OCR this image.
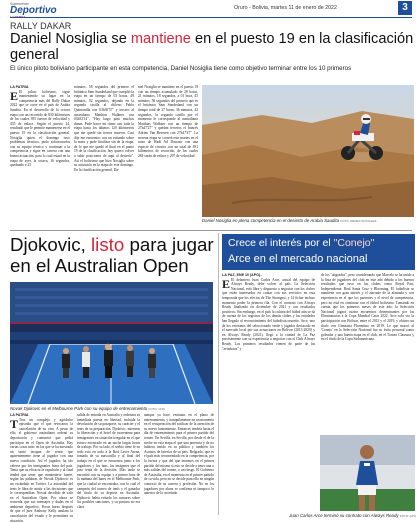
Suplemento
Deportivo	Oruro - Bolivia, martes 11 de enero de 2022	3
RALLY DAKAR
Daniel Nosiglia se mantiene en el puesto 19 en la clasificación general
El único piloto boliviano participante en esta competencia, Daniel Nosiglia tiene como objetivo terminar entre los 10 primeros
LA PATRIA

E El piloto boliviano, sigue manteniendo su lugar en la competencia más del Rally Dakar 2022 que se corre en el país de Arabia Saudita. En el desarrollo de la octava etapa con un recorrido de 830 kilómetros de los cuales 395 fueron de velocidad y 435 de enlace. Según el puesto 24, resultado que le permite mantenerse en el puesto 19 en la clasificación general. Nosiglia quien el domingo tuvo problemas técnicos, pudo solucionarlos con su equipo técnico y continuar a la competencia y sigue en carrera con una buena actuación, para lo cual estará en la etapa de ayer, la octava, 16 segundos, quedando a 23

minutos, 58 segundos del primero el británico Sam Sunderland que cumplió la etapa en un tiempo de 03 horas, 49 minutos, 02 segundos, dejando en la segunda casilla al chileno Pablo Quintanilla con 03h50'57" y tercero al australiano Matthias Walkner con 03h52'14". "Hay largo para muchos dunas. Pude hacer mi ritmo casi toda la etapa hasta los últimos 120 kilómetros que me quedé sin frenos traseros. Casi dije me encuentro con un estiando sobre la moto y pude finalizar sin de la etapa, de lo que me quedó al final en el punto 19 de la clasificación, hoy quiero volver a subir posiciones de aquí al desierto". Así el boliviano que hizo Nosiglia sobre su actuación en la etapa de este domingo. En la clasificación general, Da-

niel Nosiglia se mantiene en el puesto 19 con un tiempo acumulado de 28 horas, 21 minutos, 18 segundos, a 01 hora, 45 minutos, 58 segundos del primero que es el británico Sam Sunderland con un tiempo total de 27 horas, 36 minutos, 42 segundos, la segunda casilla por el momento le corresponde al australiano Matthias Walkner con un tiempo de 27h47'27" y quedan terceros el francés Adrien Van Beveren con 27h47'47". La novena etapa se correrá este martes en el trazo de Wadi Ad Dawasir con una especie de circuito con un total de 491 kilómetros de recorrido, de los cuales 284 serán de enlace y 207 de velocidad.

Daniel Nosiglia en plena competencia en el desierto de Arabia Saudita FOTO: REDES SOCIALES
Djokovic, listo para jugar en el Australian Open
Novak Djokovic en el Melbourne Park con su equipo de entrenamiento FOTO: CNN
LA PATRIA

T Tras un complejo y agridulce episodio que el que revocaron la cancelación de su visa. A pesar de ello, el gobierno australiano ordenó su deportación y comunicó que podrá participar en el Open de Australia. Hay varias cosas más: en las que se ha mostrado un tanto incapaz de sentir que aparentemente tiene al jugador con una nueva condición. Así el jugador, ha ido valerse por los inmigrantes fuera del país. Tenía que su eficacia la expulsión y al final tendrá que tener que mantenerse fuerte, según las palabras de Novak Djokovic es un escándalo en Twitter. La autoridad del tenis le libra de asistir a las decisiones que le correspondían. Novak decidido de salir en el Australian Open. Por ahora se recuerda que sus mensajes y dudas en el ambiente deportivo. Pocas horas después de que el juez Anthony Kelly anulara la cancelación del visado y le permitiera su situación.

salida de entrada en Australia y ordenara su inmediata puesta en libertad, incluida la devolución de su pasaporte, su carácter y el tenis de su preparación. Djokovic, mientras la liberación y el hotel de cuarentena para inmigrantes en situación irregular en el que estuvo encerrado en un noche largas horas de trabajo. Por su lado, el serbio tiene fe en todo esto en todo a la Rod Laver Arena, tomada de su mascarilla y al final del trabajo en el que se encuentra junto a los jugadores y los fans, las imágenes que el juez tenía de la decisión. Más tarde se encontró con su equipo y a primer hora de la mañana del lunes en el Melbourne Park, que la ciudad se encontraba, con lo cual el campeón del torneo de tenis y el ganador del título de su deporte en Australia. Djokovic había evitado los rumores sobre los posibles sanciones, y su postura no era clara.

aunque ya hace ventanas en el plano de entrenamiento, y tranquilamente en un momento en el recuperación del ratificar de la atención de su nuevo lanzamiento. Entonces tendría hasta el día de entrenamiento para el primer partido del torneo. En Sevilla, en Sevilla, por desde el de la noche en esta etapa el que una potencia y de no hubiera tenido en su público y también los Asuntos de Interior de su país, Belgrado, que es el país más recomendado en la competencia, por la fuerza y que del que tenemos en el primer partido del mismo si esto se decide a tener una o más salidas del torneo, o un riesgo. El Gobierno de Australia, en el momento en el primer partido de su vida, pero no se decide para ello en ningún contexto de su carrera y profesión. No en los jugadores por ahora se confirma ni tampoco lo anterior de lo acordado.

Crece el interés por el "Conejo"
Arce en el mercado nacional
LA PAZ, ENE 10 (APG).-

E El delantero Juan Carlos Arce, actual del equipo de Always Ready, debe volver al país. La Selección Nacional, está libre y dispuesto a negociar con los clubes que están interesados en contar con sus servicios en esta temporada que los efectos de The Strongest, y 14 fichar incluso momento poder la primera fila. Con el contrato con Always Ready finalizado en diciembre de 2021 y con resultados positivos. Sin embargo, en el país la cultura del fútbol aún se da de cuenta de los registros de los demás clubes y las entidades han llegado al reconocimiento del futbolista orureño. Arce, uno de los veteranos del seleccionado verde y jugador destacado en el mercado local por sus actuaciones en Bolívar (2013-2020) y en Always Ready (2021), llegó a la ciudad de La Paz precisamente con su experiencia a negociar con el Club Always Ready. Los primeros resultados vienen de parte de las "aviadoras" y

de los "atigrados", pero considerando que Marcelo se ha unido a la lista de jugadores del club en este año debido a los buenos resultados que tuvo en los clubes como Royal Pari, Independiente, Real Santa Cruz y Blooming. El futbolista se mantiene con gran interés y el atacante de la afamada y con experiencia en el que los parientes y el nivel de competencia, pero no está en continuar con el fútbol boliviano. Tomando en cuenta que los primeros meses de este año, la Selección Nacional jugará cuatro encuentros determinantes por las Eliminatorias a la Copa Mundial Catar 2022. Arce solo vio la participación con Bolívar, entre el 2013 y el 2019, y obtuvo un título con Gimnasia Florentino en 2019. Lo que marcó al 'Conejo' en la Selección Nacional fue su éxito personal como goleador y una buena etapa en el club, en el Torneo Clausura y en el título de la Copa Sudamericana.

Juan Carlos Arce terminó su contrato con Always Ready FOTO: APG
